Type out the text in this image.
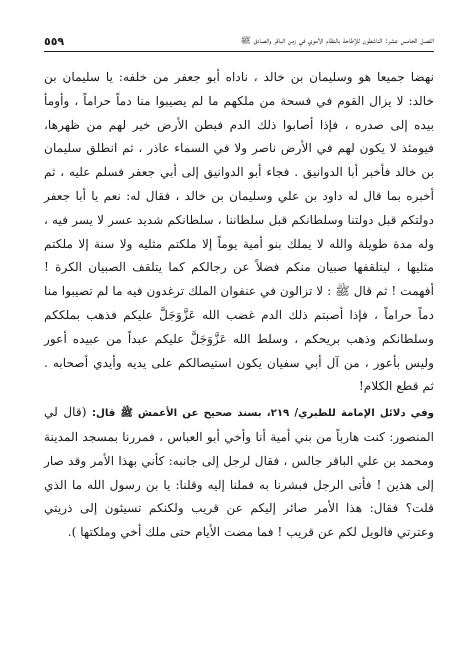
الفصل الخامس عشر: الناشطون للإطاحة بالنظام الأموي في زمن الباقر والصادق ﷺ
٥٥٩

نهضا جميعا هو وسليمان بن خالد ، ناداه أبو جعفر من خلفه: يا سليمان بن خالد: لا يزال القوم في فسحة من ملكهم ما لم يصيبوا منا دماً حراماً ، وأومأ بيده إلى صدره ، فإذا أصابوا ذلك الدم فبطن الأرض خير لهم من ظهرها، فيومئذ لا يكون لهم في الأرض ناصر ولا في السماء عاذر ، ثم انطلق سليمان بن خالد فأخبر أبا الدوانيق . فجاء أبو الدوانيق إلى أبي جعفر فسلم عليه ، ثم أخبره بما قال له داود بن علي وسليمان بن خالد ، فقال له: نعم يا أبا جعفر دولتكم قبل دولتنا وسلطانكم قبل سلطاننا ، سلطانكم شديد عسر لا يسر فيه ، وله مدة طويلة والله لا يملك بنو أمية يوماً إلا ملكتم مثليه ولا سنة إلا ملكتم مثليها ، ليتلقفها صبيان منكم فضلاً عن رجالكم كما يتلقف الصبيان الكرة ! أفهمت ! ثم قال ﷺ : لا تزالون في عنفوان الملك ترغدون فيه ما لم تصيبوا منا دماً حراماً ، فإذا أصبتم ذلك الدم غضب الله عَزَّوَجَلَّ عليكم فذهب بملككم وسلطانكم وذهب بريحكم ، وسلط الله عَزَّوَجَلَّ عليكم عبداً من عبيده أعور وليس بأعور ، من آل أبي سفيان يكون استيصالكم على يديه وأيدي أصحابه . ثم قطع الكلام!

وفي دلائل الإمامة للطبري/ ٢١٩، بسند صحيح عن الأعمش ﷺ قال: (قال لي المنصور: كنت هارباً من بني أمية أنا وأخي أبو العباس ، فمررنا بمسجد المدينة ومحمد بن علي الباقر جالس ، فقال لرجل إلى جانبه: كأني بهذا الأمر وقد صار إلى هذين ! فأتى الرجل فبشرنا به فملنا إليه وقلنا: يا بن رسول الله ما الذي قلت؟ فقال: هذا الأمر صائر إليكم عن قريب ولكنكم تسيئون إلى ذريتي وعترتي فالويل لكم عن قريب ! فما مضت الأيام حتى ملك أخي وملكتها ).
